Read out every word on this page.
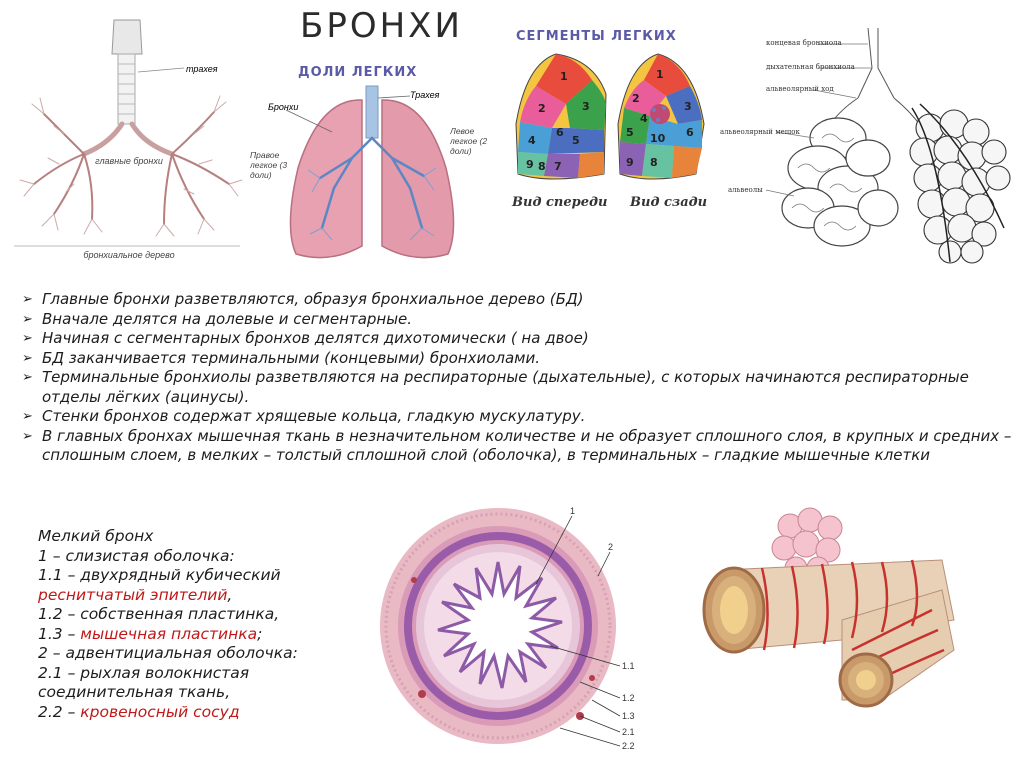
БРОНХИ
трахея
главные бронхи
бронхиальное дерево
ДОЛИ ЛЕГКИХ
Бронхи
Трахея
Правое легкое (3 доли)
Левое легкое (2 доли)
СЕГМЕНТЫ ЛЕГКИХ
1
2	3
4	5
6
7
8
9
1
2
3
5
4
6
10
8
9
Вид спереди Вид сзади
концевая бронхиола
дыхательная бронхиола
альвеолярный ход
альвеолярный мешок
альвеолы
➢ Главные бронхи разветвляются, образуя бронхиальное дерево (БД)
➢ Вначале делятся на долевые и сегментарные.
➢ Начиная с сегментарных бронхов делятся дихотомически ( на двое)
➢ БД заканчивается терминальными (концевыми) бронхиолами.
➢ Терминальные бронхиолы разветвляются на респираторные (дыхательные), с которых начинаются респираторные отделы лёгких (ацинусы).
➢ Стенки бронхов содержат хрящевые кольца, гладкую мускулатуру.
➢ В главных бронхах мышечная ткань в незначительном количестве и не образует сплошного слоя, в крупных и средних – сплошным слоем, в мелких – толстый сплошной слой (оболочка), в терминальных – гладкие мышечные клетки
Мелкий бронх
1 – слизистая оболочка:
1.1 – двухрядный кубический
реснитчатый эпителий,
1.2 – собственная пластинка,
1.3 – мышечная пластинка;
2 – адвентициальная оболочка:
2.1 – рыхлая волокнистая
соединительная ткань,
2.2 – кровеносный сосуд
1
2
1.1
1.2
1.3
2.1
2.2
